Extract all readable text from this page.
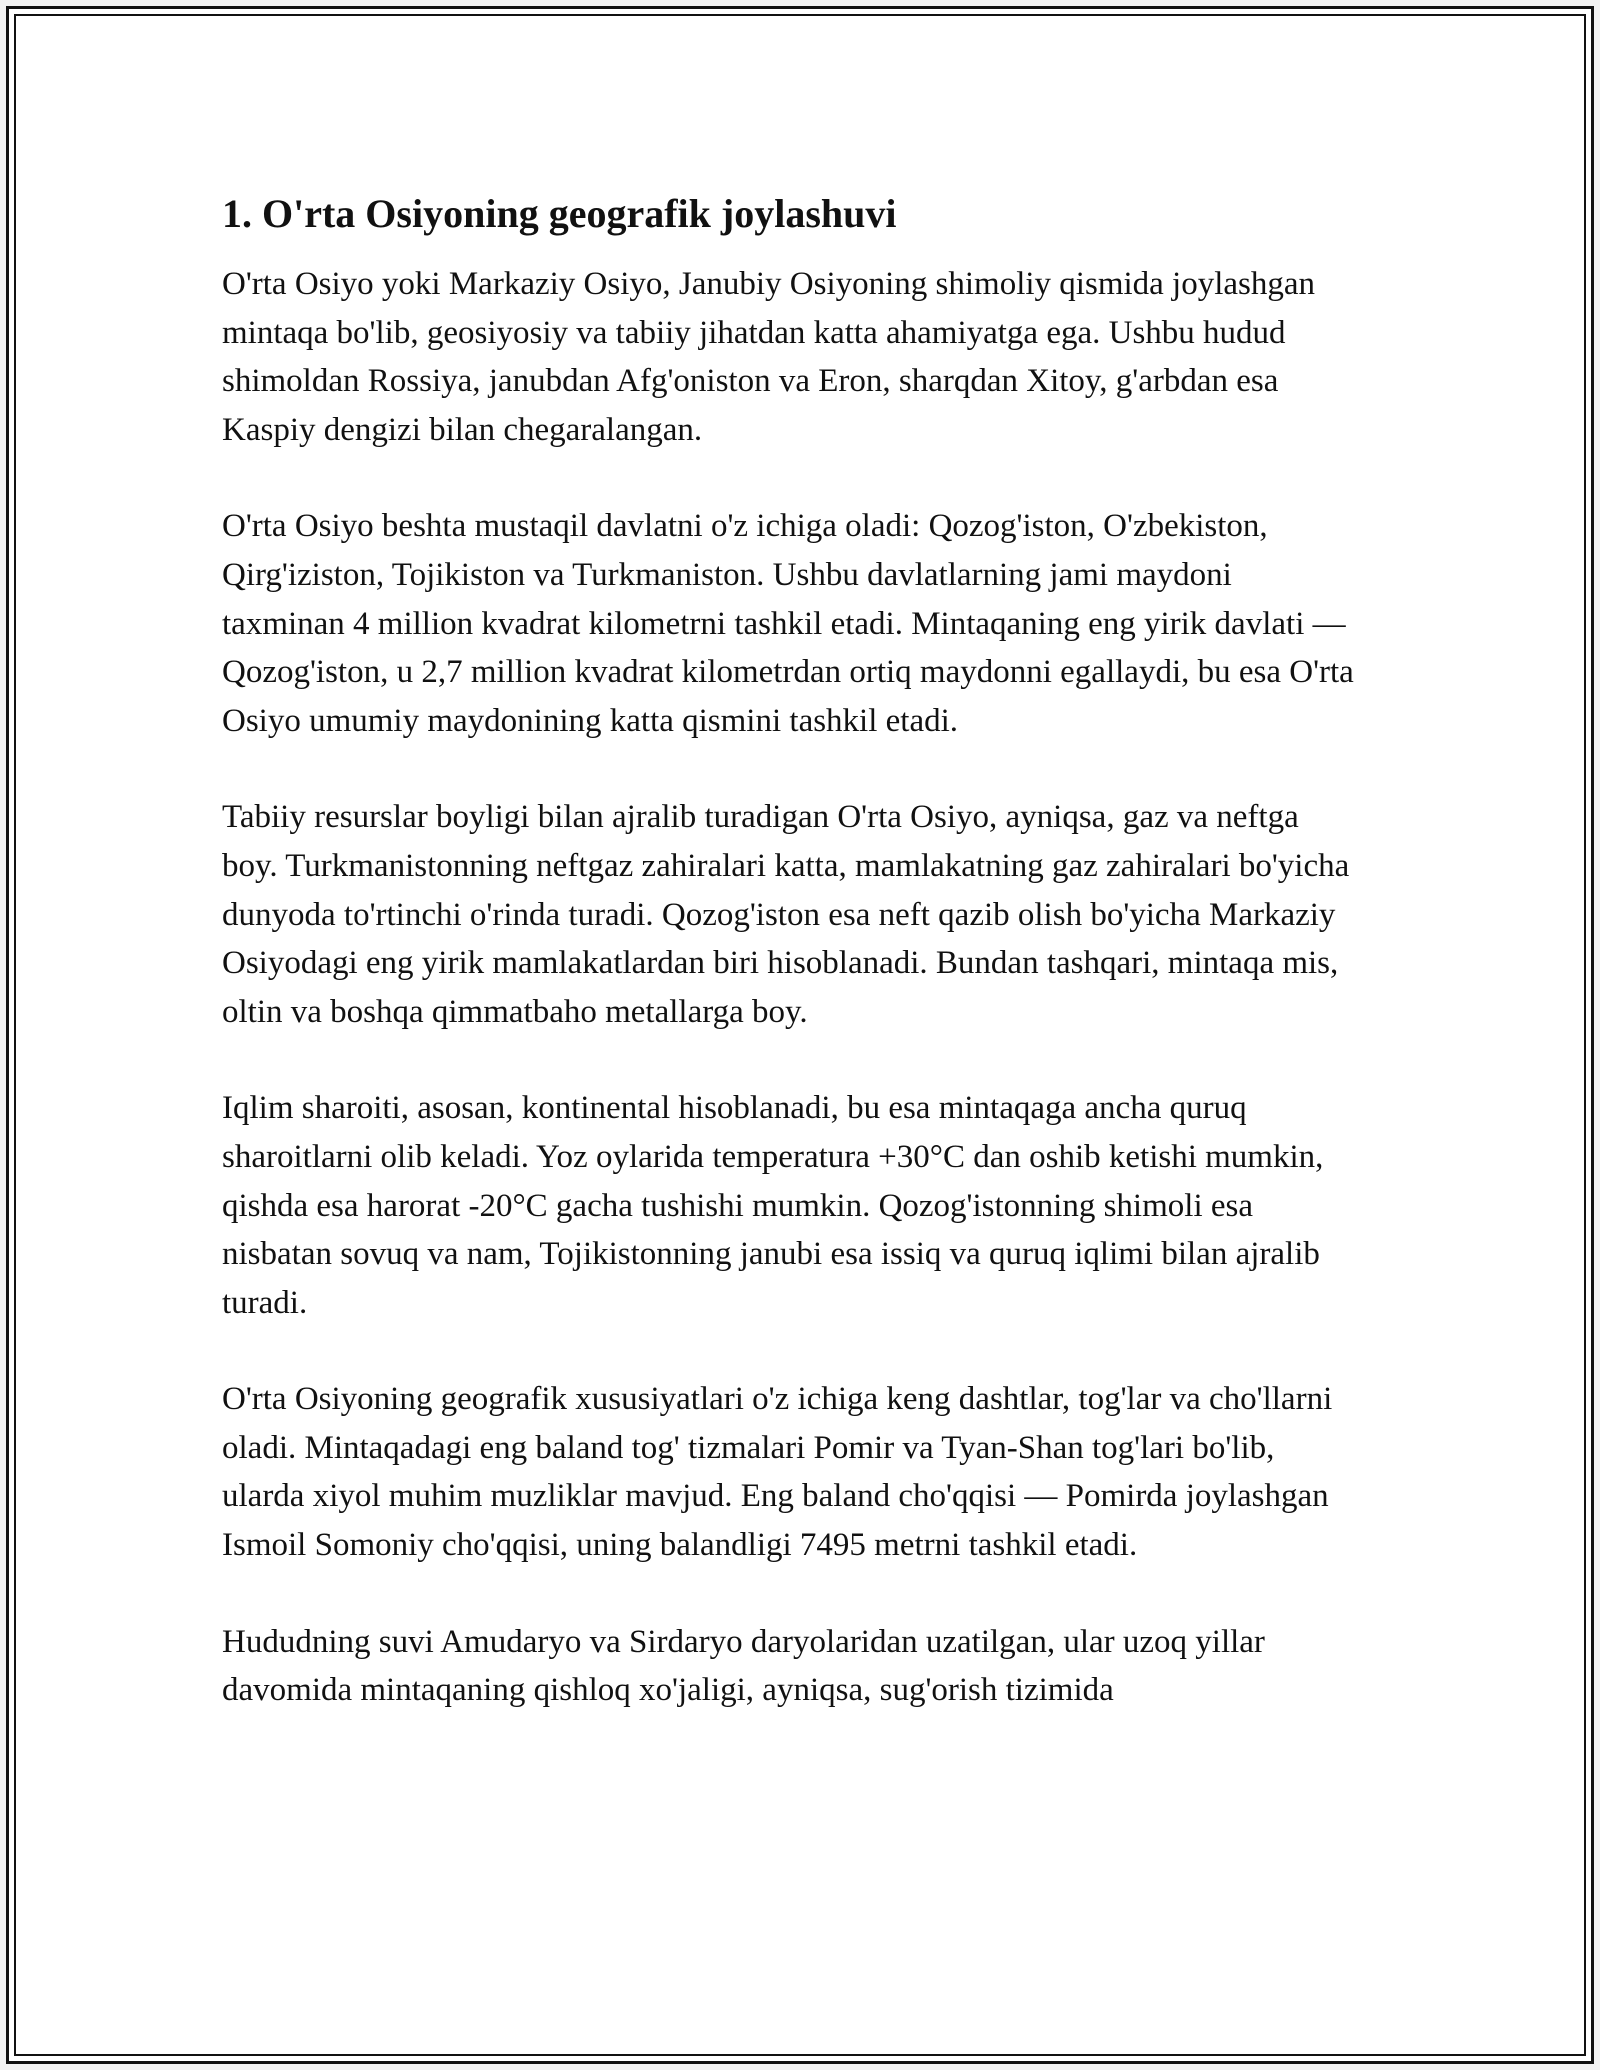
1. O'rta Osiyoning geografik joylashuvi

O'rta Osiyo yoki Markaziy Osiyo, Janubiy Osiyoning shimoliy qismida joylashgan mintaqa bo'lib, geosiyosiy va tabiiy jihatdan katta ahamiyatga ega. Ushbu hudud shimoldan Rossiya, janubdan Afg'oniston va Eron, sharqdan Xitoy, g'arbdan esa Kaspiy dengizi bilan chegaralangan.

O'rta Osiyo beshta mustaqil davlatni o'z ichiga oladi: Qozog'iston, O'zbekiston, Qirg'iziston, Tojikiston va Turkmaniston. Ushbu davlatlarning jami maydoni taxminan 4 million kvadrat kilometrni tashkil etadi. Mintaqaning eng yirik davlati — Qozog'iston, u 2,7 million kvadrat kilometrdan ortiq maydonni egallaydi, bu esa O'rta Osiyo umumiy maydonining katta qismini tashkil etadi.

Tabiiy resurslar boyligi bilan ajralib turadigan O'rta Osiyo, ayniqsa, gaz va neftga boy. Turkmanistonning neftgaz zahiralari katta, mamlakatning gaz zahiralari bo'yicha dunyoda to'rtinchi o'rinda turadi. Qozog'iston esa neft qazib olish bo'yicha Markaziy Osiyodagi eng yirik mamlakatlardan biri hisoblanadi. Bundan tashqari, mintaqa mis, oltin va boshqa qimmatbaho metallarga boy.

Iqlim sharoiti, asosan, kontinental hisoblanadi, bu esa mintaqaga ancha quruq sharoitlarni olib keladi. Yoz oylarida temperatura +30°C dan oshib ketishi mumkin, qishda esa harorat -20°C gacha tushishi mumkin. Qozog'istonning shimoli esa nisbatan sovuq va nam, Tojikistonning janubi esa issiq va quruq iqlimi bilan ajralib turadi.

O'rta Osiyoning geografik xususiyatlari o'z ichiga keng dashtlar, tog'lar va cho'llarni oladi. Mintaqadagi eng baland tog' tizmalari Pomir va Tyan-Shan tog'lari bo'lib, ularda xiyol muhim muzliklar mavjud. Eng baland cho'qqisi — Pomirda joylashgan Ismoil Somoniy cho'qqisi, uning balandligi 7495 metrni tashkil etadi.

Hududning suvi Amudaryo va Sirdaryo daryolaridan uzatilgan, ular uzoq yillar davomida mintaqaning qishloq xo'jaligi, ayniqsa, sug'orish tizimida
